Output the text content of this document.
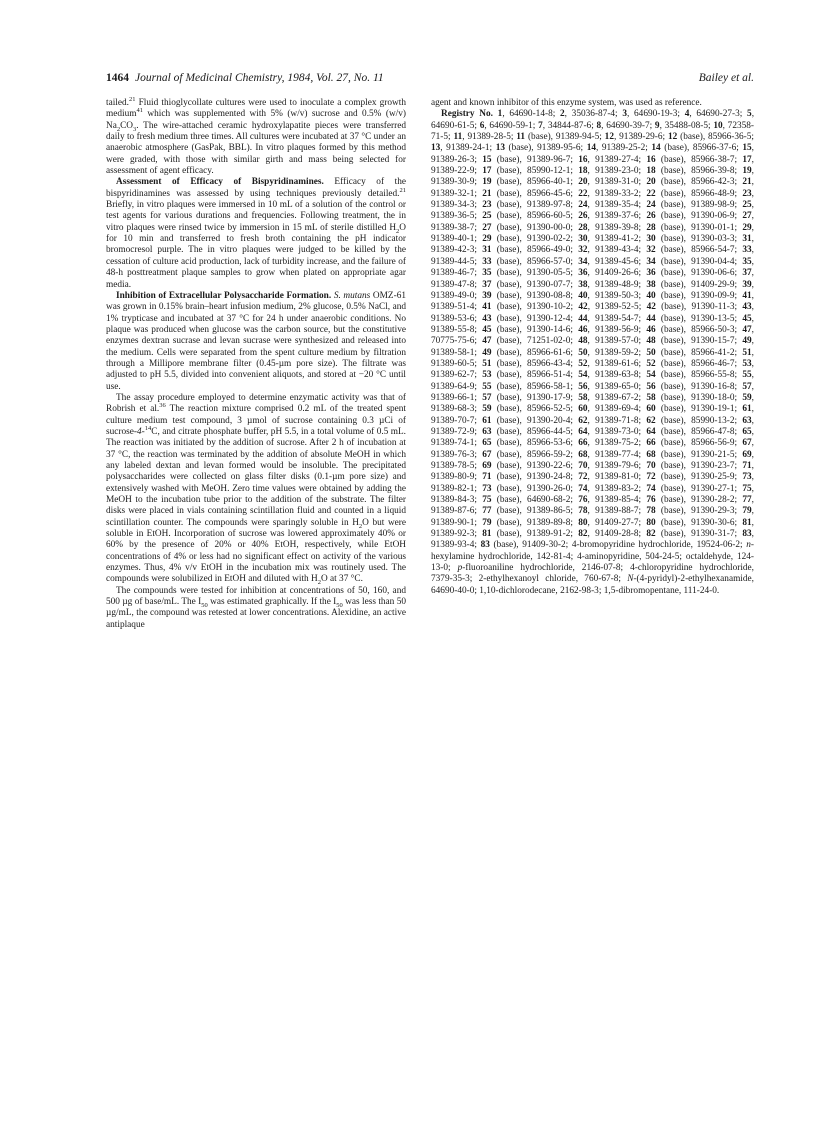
1464 Journal of Medicinal Chemistry, 1984, Vol. 27, No. 11	Bailey et al.

tailed.$^{21}$ Fluid thioglycollate cultures were used to inoculate a complex growth medium$^{41}$ which was supplemented with 5% (w/v) sucrose and 0.5% (w/v) $Na_2CO_3$. The wire-attached ceramic hydroxylapatite pieces were transferred daily to fresh medium three times. All cultures were incubated at 37 °C under an anaerobic atmosphere (GasPak, BBL). In vitro plaques formed by this method were graded, with those with similar girth and mass being selected for assessment of agent efficacy.

Assessment of Efficacy of Bispyridinamines. Efficacy of the bispyridinamines was assessed by using techniques previously detailed.$^{21}$ Briefly, in vitro plaques were immersed in 10 mL of a solution of the control or test agents for various durations and frequencies. Following treatment, the in vitro plaques were rinsed twice by immersion in 15 mL of sterile distilled $H_2O$ for 10 min and transferred to fresh broth containing the pH indicator bromocresol purple. The in vitro plaques were judged to be killed by the cessation of culture acid production, lack of turbidity increase, and the failure of 48-h posttreatment plaque samples to grow when plated on appropriate agar media.

Inhibition of Extracellular Polysaccharide Formation. S. mutans OMZ-61 was grown in 0.15% brain–heart infusion medium, 2% glucose, 0.5% NaCl, and 1% trypticase and incubated at 37 °C for 24 h under anaerobic conditions. No plaque was produced when glucose was the carbon source, but the constitutive enzymes dextran sucrase and levan sucrase were synthesized and released into the medium. Cells were separated from the spent culture medium by filtration through a Millipore membrane filter (0.45-µm pore size). The filtrate was adjusted to pH 5.5, divided into convenient aliquots, and stored at −20 °C until use.

The assay procedure employed to determine enzymatic activity was that of Robrish et al.$^{36}$ The reaction mixture comprised 0.2 mL of the treated spent culture medium test compound, 3 µmol of sucrose containing 0.3 µCi of sucrose-4-$^{14}$C, and citrate phosphate buffer, pH 5.5, in a total volume of 0.5 mL. The reaction was initiated by the addition of sucrose. After 2 h of incubation at 37 °C, the reaction was terminated by the addition of absolute MeOH in which any labeled dextan and levan formed would be insoluble. The precipitated polysaccharides were collected on glass filter disks (0.1-µm pore size) and extensively washed with MeOH. Zero time values were obtained by adding the MeOH to the incubation tube prior to the addition of the substrate. The filter disks were placed in vials containing scintillation fluid and counted in a liquid scintillation counter. The compounds were sparingly soluble in $H_2O$ but were soluble in EtOH. Incorporation of sucrose was lowered approximately 40% or 60% by the presence of 20% or 40% EtOH, respectively, while EtOH concentrations of 4% or less had no significant effect on activity of the various enzymes. Thus, 4% v/v EtOH in the incubation mix was routinely used. The compounds were solubilized in EtOH and diluted with $H_2O$ at 37 °C.

The compounds were tested for inhibition at concentrations of 50, 160, and 500 µg of base/mL. The $I_{50}$ was estimated graphically. If the $I_{50}$ was less than 50 µg/mL, the compound was retested at lower concentrations. Alexidine, an active antiplaque

agent and known inhibitor of this enzyme system, was used as reference.

Registry No. 1, 64690-14-8; 2, 35036-87-4; 3, 64690-19-3; 4, 64690-27-3; 5, 64690-61-5; 6, 64690-59-1; 7, 34844-87-6; 8, 64690-39-7; 9, 35488-08-5; 10, 72358-71-5; 11, 91389-28-5; 11 (base), 91389-94-5; 12, 91389-29-6; 12 (base), 85966-36-5; 13, 91389-24-1; 13 (base), 91389-95-6; 14, 91389-25-2; 14 (base), 85966-37-6; 15, 91389-26-3; 15 (base), 91389-96-7; 16, 91389-27-4; 16 (base), 85966-38-7; 17, 91389-22-9; 17 (base), 85990-12-1; 18, 91389-23-0; 18 (base), 85966-39-8; 19, 91389-30-9; 19 (base), 85966-40-1; 20, 91389-31-0; 20 (base), 85966-42-3; 21, 91389-32-1; 21 (base), 85966-45-6; 22, 91389-33-2; 22 (base), 85966-48-9; 23, 91389-34-3; 23 (base), 91389-97-8; 24, 91389-35-4; 24 (base), 91389-98-9; 25, 91389-36-5; 25 (base), 85966-60-5; 26, 91389-37-6; 26 (base), 91390-06-9; 27, 91389-38-7; 27 (base), 91390-00-0; 28, 91389-39-8; 28 (base), 91390-01-1; 29, 91389-40-1; 29 (base), 91390-02-2; 30, 91389-41-2; 30 (base), 91390-03-3; 31, 91389-42-3; 31 (base), 85966-49-0; 32, 91389-43-4; 32 (base), 85966-54-7; 33, 91389-44-5; 33 (base), 85966-57-0; 34, 91389-45-6; 34 (base), 91390-04-4; 35, 91389-46-7; 35 (base), 91390-05-5; 36, 91409-26-6; 36 (base), 91390-06-6; 37, 91389-47-8; 37 (base), 91390-07-7; 38, 91389-48-9; 38 (base), 91409-29-9; 39, 91389-49-0; 39 (base), 91390-08-8; 40, 91389-50-3; 40 (base), 91390-09-9; 41, 91389-51-4; 41 (base), 91390-10-2; 42, 91389-52-5; 42 (base), 91390-11-3; 43, 91389-53-6; 43 (base), 91390-12-4; 44, 91389-54-7; 44 (base), 91390-13-5; 45, 91389-55-8; 45 (base), 91390-14-6; 46, 91389-56-9; 46 (base), 85966-50-3; 47, 70775-75-6; 47 (base), 71251-02-0; 48, 91389-57-0; 48 (base), 91390-15-7; 49, 91389-58-1; 49 (base), 85966-61-6; 50, 91389-59-2; 50 (base), 85966-41-2; 51, 91389-60-5; 51 (base), 85966-43-4; 52, 91389-61-6; 52 (base), 85966-46-7; 53, 91389-62-7; 53 (base), 85966-51-4; 54, 91389-63-8; 54 (base), 85966-55-8; 55, 91389-64-9; 55 (base), 85966-58-1; 56, 91389-65-0; 56 (base), 91390-16-8; 57, 91389-66-1; 57 (base), 91390-17-9; 58, 91389-67-2; 58 (base), 91390-18-0; 59, 91389-68-3; 59 (base), 85966-52-5; 60, 91389-69-4; 60 (base), 91390-19-1; 61, 91389-70-7; 61 (base), 91390-20-4; 62, 91389-71-8; 62 (base), 85990-13-2; 63, 91389-72-9; 63 (base), 85966-44-5; 64, 91389-73-0; 64 (base), 85966-47-8; 65, 91389-74-1; 65 (base), 85966-53-6; 66, 91389-75-2; 66 (base), 85966-56-9; 67, 91389-76-3; 67 (base), 85966-59-2; 68, 91389-77-4; 68 (base), 91390-21-5; 69, 91389-78-5; 69 (base), 91390-22-6; 70, 91389-79-6; 70 (base), 91390-23-7; 71, 91389-80-9; 71 (base), 91390-24-8; 72, 91389-81-0; 72 (base), 91390-25-9; 73, 91389-82-1; 73 (base), 91390-26-0; 74, 91389-83-2; 74 (base), 91390-27-1; 75, 91389-84-3; 75 (base), 64690-68-2; 76, 91389-85-4; 76 (base), 91390-28-2; 77, 91389-87-6; 77 (base), 91389-86-5; 78, 91389-88-7; 78 (base), 91390-29-3; 79, 91389-90-1; 79 (base), 91389-89-8; 80, 91409-27-7; 80 (base), 91390-30-6; 81, 91389-92-3; 81 (base), 91389-91-2; 82, 91409-28-8; 82 (base), 91390-31-7; 83, 91389-93-4; 83 (base), 91409-30-2; 4-bromopyridine hydrochloride, 19524-06-2; n-hexylamine hydrochloride, 142-81-4; 4-aminopyridine, 504-24-5; octaldehyde, 124-13-0; p-fluoroaniline hydrochloride, 2146-07-8; 4-chloropyridine hydrochloride, 7379-35-3; 2-ethylhexanoyl chloride, 760-67-8; N-(4-pyridyl)-2-ethylhexanamide, 64690-40-0; 1,10-dichlorodecane, 2162-98-3; 1,5-dibromopentane, 111-24-0.
